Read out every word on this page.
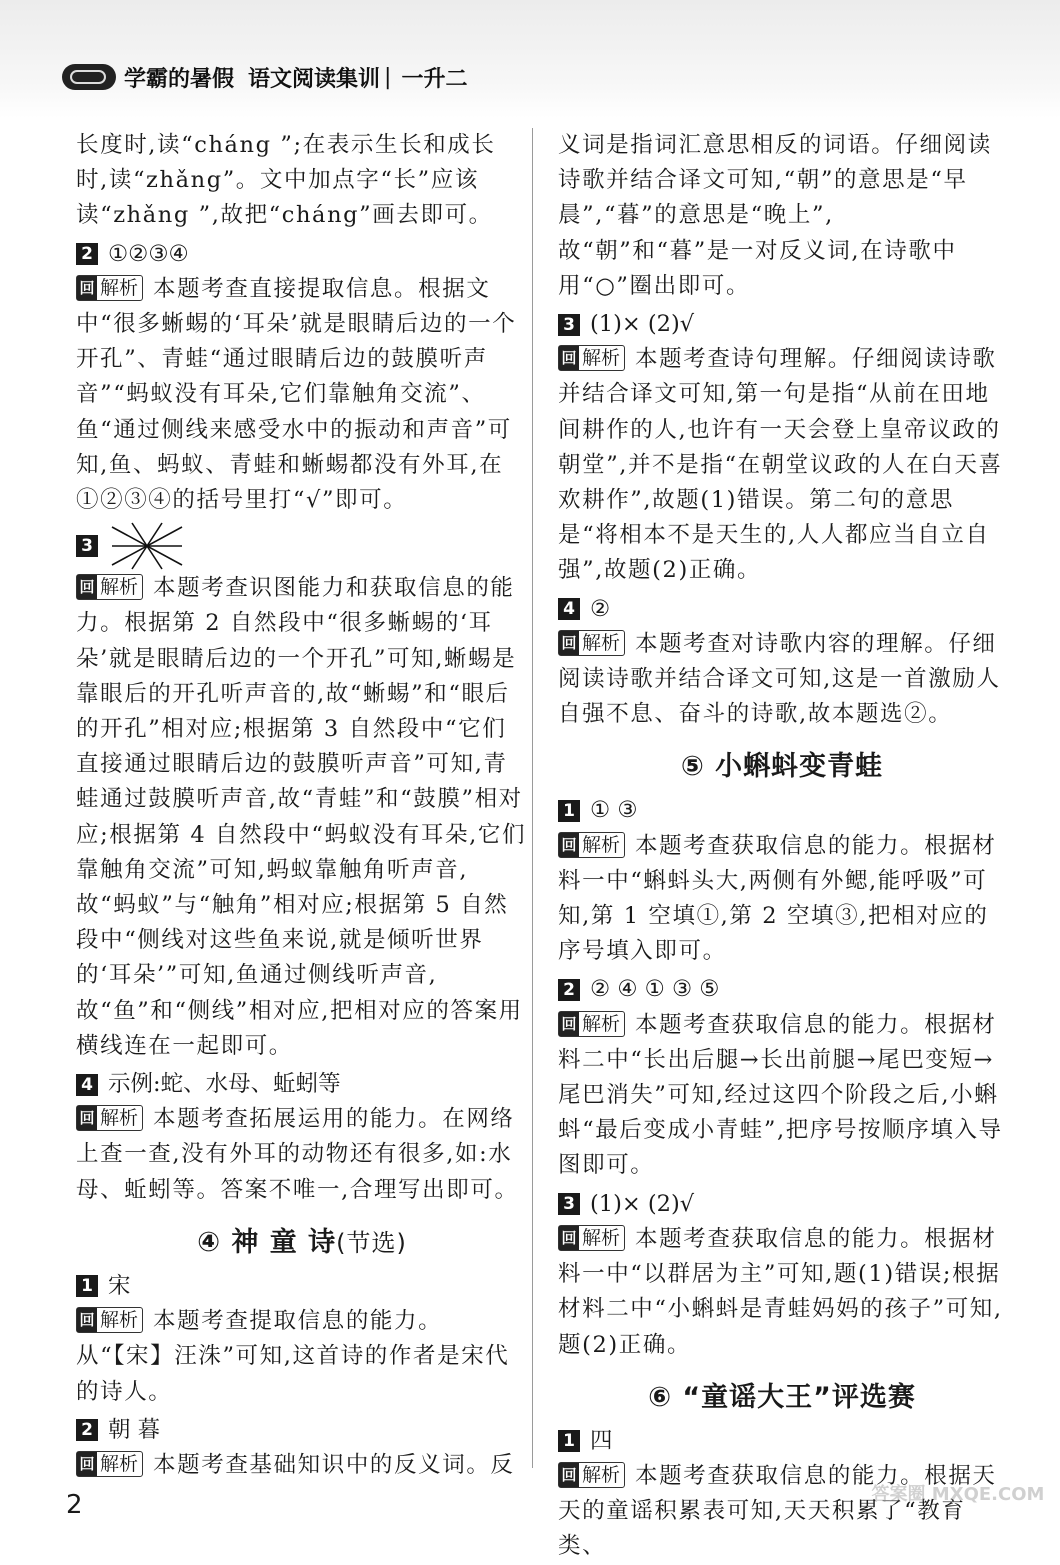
学霸的暑假 语文阅读集训 | 一升二

长度时,读“cháng ”;在表示生长和成长时,读“zhǎng”。文中加点字“长”应该读“zhǎng ”,故把“cháng”画去即可。

2 ①②③④

回 解析 本题考查直接提取信息。根据文中“很多蜥蜴的‘耳朵’就是眼睛后边的一个开孔”、青蛙“通过眼睛后边的鼓膜听声音”“蚂蚁没有耳朵,它们靠触角交流”、鱼“通过侧线来感受水中的振动和声音”可知,鱼、蚂蚁、青蛙和蜥蜴都没有外耳,在①②③④的括号里打“√”即可。

3

回 解析 本题考查识图能力和获取信息的能力。根据第 2 自然段中“很多蜥蜴的‘耳朵’就是眼睛后边的一个开孔”可知,蜥蜴是靠眼后的开孔听声音的,故“蜥蜴”和“眼后的开孔”相对应;根据第 3 自然段中“它们直接通过眼睛后边的鼓膜听声音”可知,青蛙通过鼓膜听声音,故“青蛙”和“鼓膜”相对应;根据第 4 自然段中“蚂蚁没有耳朵,它们靠触角交流”可知,蚂蚁靠触角听声音,故“蚂蚁”与“触角”相对应;根据第 5 自然段中“侧线对这些鱼来说,就是倾听世界的‘耳朵’”可知,鱼通过侧线听声音,故“鱼”和“侧线”相对应,把相对应的答案用横线连在一起即可。

4 示例:蛇、水母、蚯蚓等

回 解析 本题考查拓展运用的能力。在网络上查一查,没有外耳的动物还有很多,如:水母、蚯蚓等。答案不唯一,合理写出即可。

④ 神 童 诗(节选)
1 宋

回 解析 本题考查提取信息的能力。从“【宋】汪洙”可知,这首诗的作者是宋代的诗人。

2 朝 暮

回 解析 本题考查基础知识中的反义词。反

义词是指词汇意思相反的词语。仔细阅读诗歌并结合译文可知,“朝”的意思是“早晨”,“暮”的意思是“晚上”,故“朝”和“暮”是一对反义词,在诗歌中用“○”圈出即可。

3 (1)× (2)√

回 解析 本题考查诗句理解。仔细阅读诗歌并结合译文可知,第一句是指“从前在田地间耕作的人,也许有一天会登上皇帝议政的朝堂”,并不是指“在朝堂议政的人在白天喜欢耕作”,故题(1)错误。第二句的意思是“将相本不是天生的,人人都应当自立自强”,故题(2)正确。

4 ②

回 解析 本题考查对诗歌内容的理解。仔细阅读诗歌并结合译文可知,这是一首激励人自强不息、奋斗的诗歌,故本题选②。

⑤ 小蝌蚪变青蛙
1 ① ③

回 解析 本题考查获取信息的能力。根据材料一中“蝌蚪头大,两侧有外鳃,能呼吸”可知,第 1 空填①,第 2 空填③,把相对应的序号填入即可。

2 ② ④ ① ③ ⑤

回 解析 本题考查获取信息的能力。根据材料二中“长出后腿→长出前腿→尾巴变短→尾巴消失”可知,经过这四个阶段之后,小蝌蚪“最后变成小青蛙”,把序号按顺序填入导图即可。

3 (1)× (2)√

回 解析 本题考查获取信息的能力。根据材料一中“以群居为主”可知,题(1)错误;根据材料二中“小蝌蚪是青蛙妈妈的孩子”可知,题(2)正确。

⑥ “童谣大王”评选赛
1 四

回 解析 本题考查获取信息的能力。根据天天的童谣积累表可知,天天积累了“教育类、

2	答案圈 MXQE.COM
